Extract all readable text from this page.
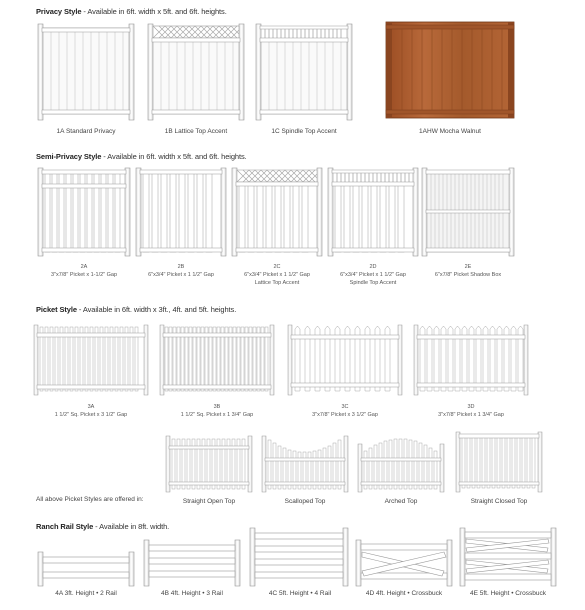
Privacy Style - Available in 6ft. width x 5ft. and 6ft. heights.
1A Standard Privacy	1B Lattice Top Accent	1C Spindle Top Accent	1AHW Mocha Walnut
Semi-Privacy Style - Available in 6ft. width x 5ft. and 6ft. heights.
2A
3"x7/8" Picket x 1-1/2" Gap
2B
6"x3/4" Picket x 1 1/2" Gap
2C
6"x3/4" Picket x 1 1/2" Gap
Lattice Top Accent
2D
6"x3/4" Picket x 1 1/2" Gap
Spindle Top Accent
2E
6"x7/8" Picket Shadow Box
Picket Style - Available in 6ft. width x 3ft., 4ft. and 5ft. heights.
3A
1 1/2" Sq. Picket x 3 1/2" Gap
3B
1 1/2" Sq. Picket x 1 3/4" Gap
3C
3"x7/8" Picket x 3 1/2" Gap
3D
3"x7/8" Picket x 1 3/4" Gap
All above Picket Styles are offered in:	Straight Open Top	Scalloped Top	Arched Top	Straight Closed Top
Ranch Rail Style - Available in 8ft. width.
4A 3ft. Height • 2 Rail	4B 4ft. Height • 3 Rail	4C 5ft. Height • 4 Rail	4D 4ft. Height • Crossbuck	4E 5ft. Height • Crossbuck
